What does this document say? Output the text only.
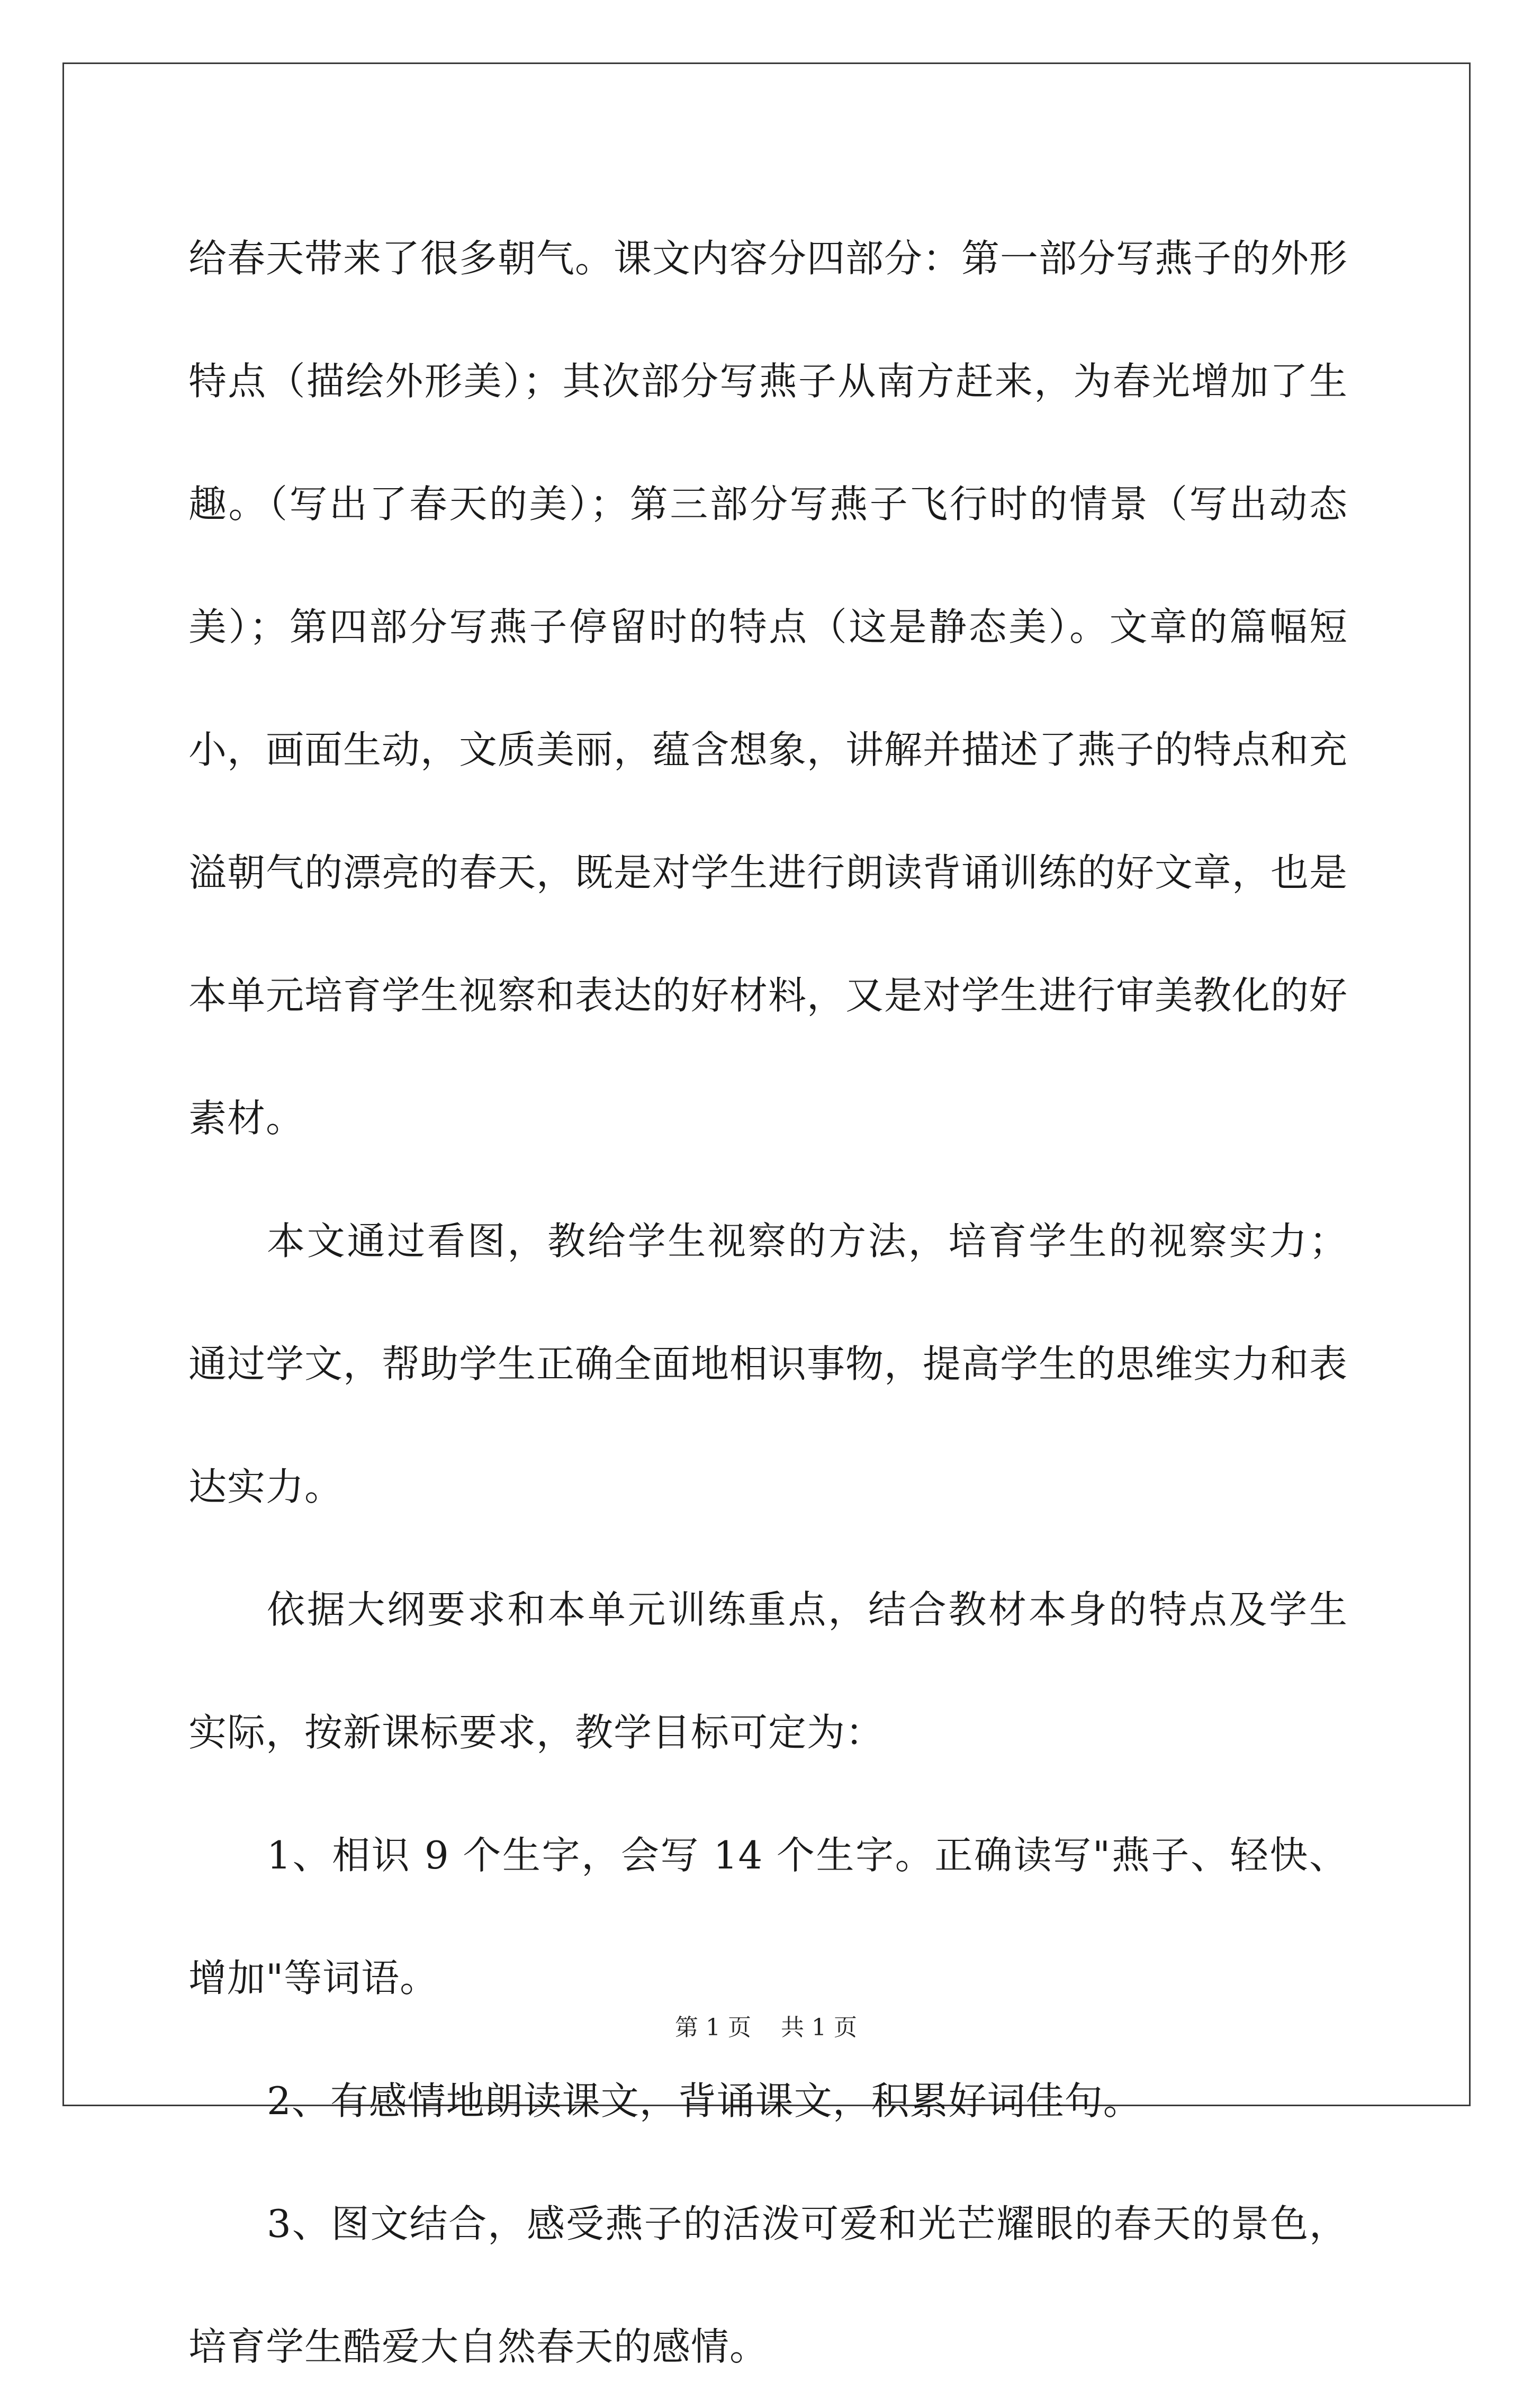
给春天带来了很多朝气。课文内容分四部分：第一部分写燕子的外形特点（描绘外形美）；其次部分写燕子从南方赶来，为春光增加了生趣。（写出了春天的美）；第三部分写燕子飞行时的情景（写出动态美）；第四部分写燕子停留时的特点（这是静态美）。文章的篇幅短小，画面生动，文质美丽，蕴含想象，讲解并描述了燕子的特点和充溢朝气的漂亮的春天，既是对学生进行朗读背诵训练的好文章，也是本单元培育学生视察和表达的好材料，又是对学生进行审美教化的好素材。

本文通过看图，教给学生视察的方法，培育学生的视察实力；通过学文，帮助学生正确全面地相识事物，提高学生的思维实力和表达实力。

依据大纲要求和本单元训练重点，结合教材本身的特点及学生实际，按新课标要求，教学目标可定为：

1、相识 9 个生字，会写 14 个生字。正确读写"燕子、轻快、增加"等词语。

2、有感情地朗读课文，背诵课文，积累好词佳句。

3、图文结合，感受燕子的活泼可爱和光芒耀眼的春天的景色，培育学生酷爱大自然春天的感情。

第 1 页 共 1 页
